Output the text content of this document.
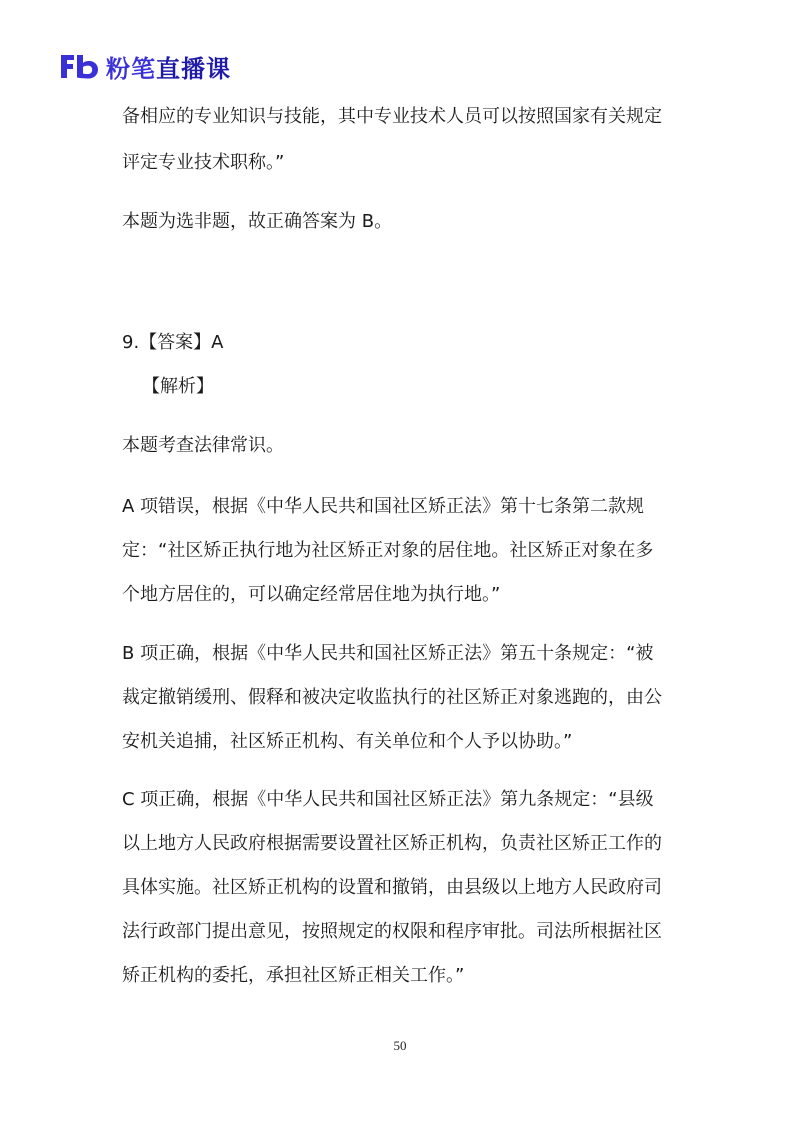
Fb
粉笔直播课
备相应的专业知识与技能，其中专业技术人员可以按照国家有关规定
评定专业技术职称。”
本题为选非题，故正确答案为 B。
9.【答案】A
【解析】
本题考查法律常识。
A 项错误，根据《中华人民共和国社区矫正法》第十七条第二款规
定：“社区矫正执行地为社区矫正对象的居住地。社区矫正对象在多
个地方居住的，可以确定经常居住地为执行地。”
B 项正确，根据《中华人民共和国社区矫正法》第五十条规定：“被
裁定撤销缓刑、假释和被决定收监执行的社区矫正对象逃跑的，由公
安机关追捕，社区矫正机构、有关单位和个人予以协助。”
C 项正确，根据《中华人民共和国社区矫正法》第九条规定：“县级
以上地方人民政府根据需要设置社区矫正机构，负责社区矫正工作的
具体实施。社区矫正机构的设置和撤销，由县级以上地方人民政府司
法行政部门提出意见，按照规定的权限和程序审批。司法所根据社区
矫正机构的委托，承担社区矫正相关工作。”
50
